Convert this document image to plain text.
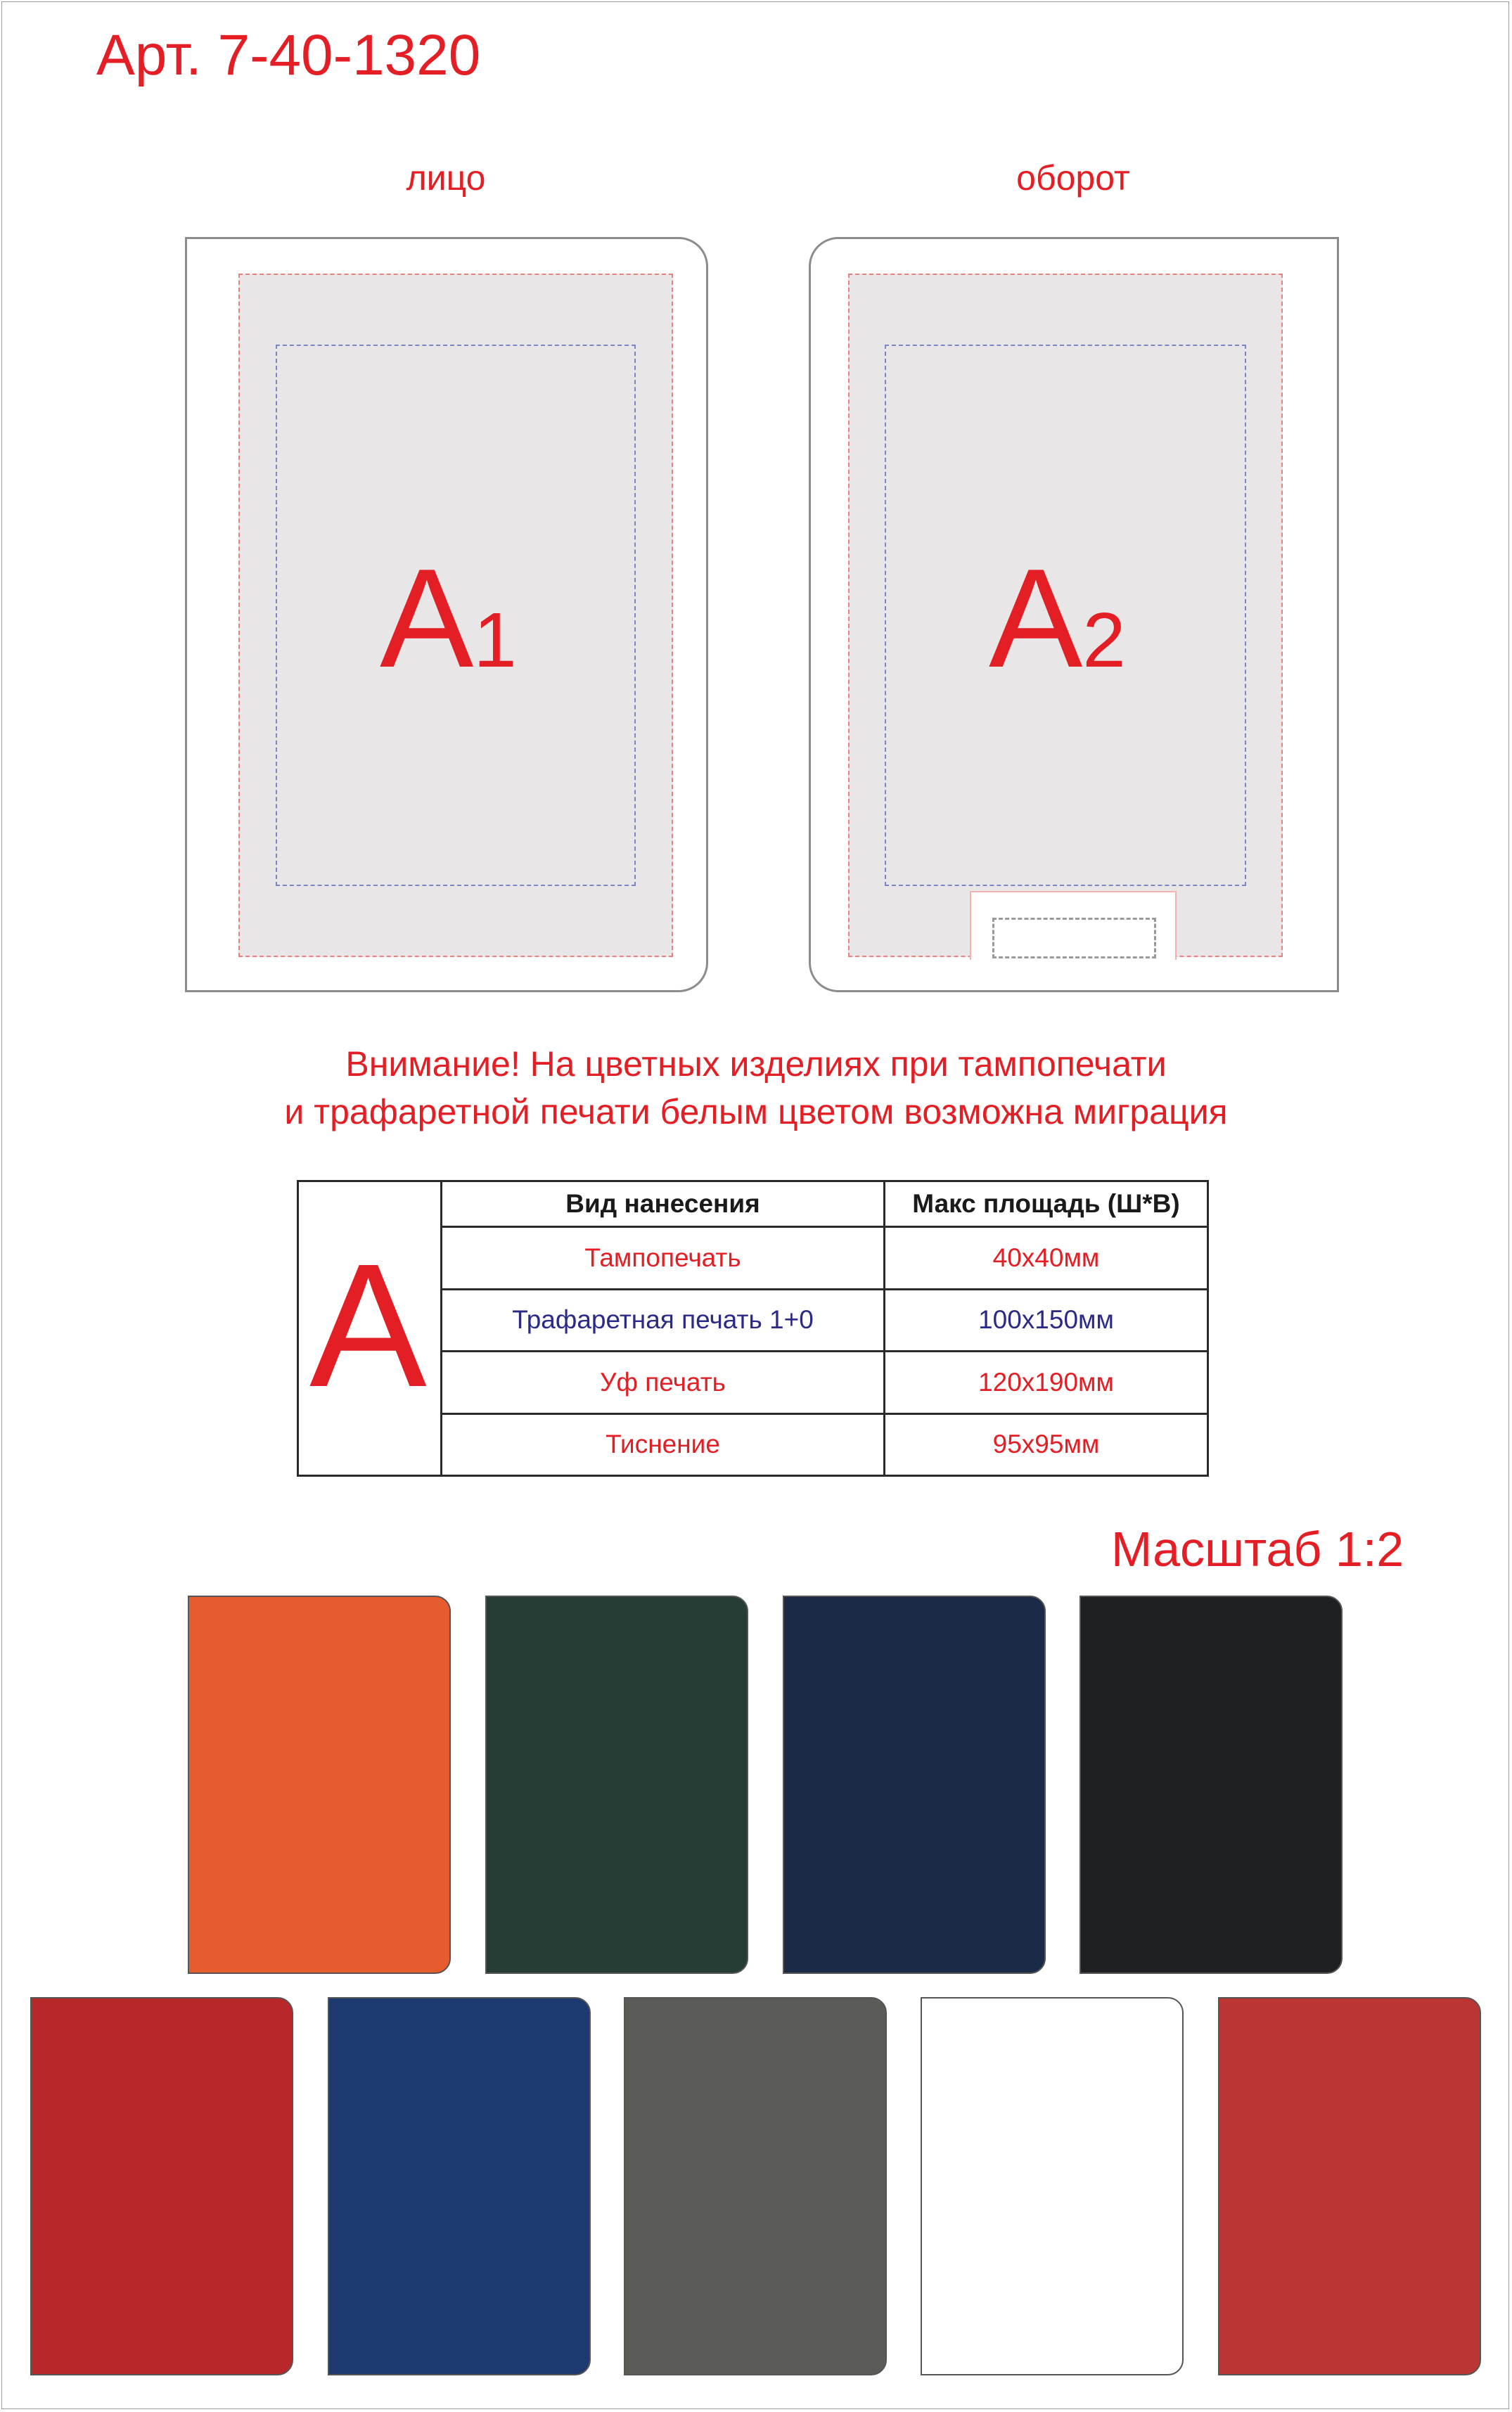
Арт. 7-40-1320
лицо	оборот
A1	A2
Внимание! На цветных изделиях при тампопечати
и трафаретной печати белым цветом возможна миграция
A
Вид нанесения	Макс площадь (Ш*В)
Тампопечать	40х40мм
Трафаретная печать 1+0	100х150мм
Уф печать	120х190мм
Тиснение	95х95мм
Масштаб 1:2
